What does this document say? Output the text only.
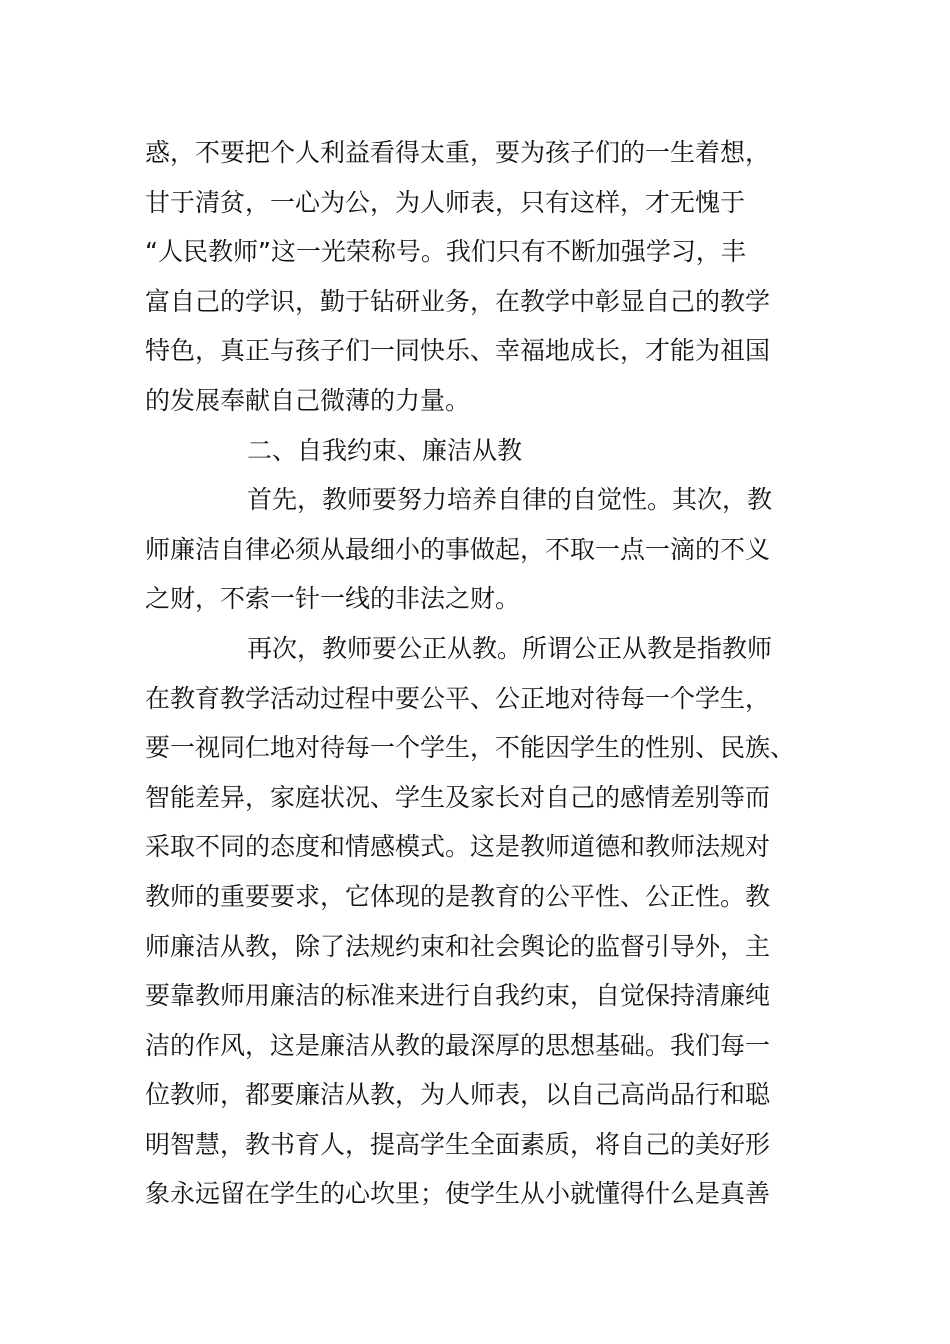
惑，不要把个人利益看得太重，要为孩子们的一生着想，
甘于清贫，一心为公，为人师表，只有这样，才无愧于
“人民教师”这一光荣称号。我们只有不断加强学习，丰
富自己的学识，勤于钻研业务，在教学中彰显自己的教学
特色，真正与孩子们一同快乐、幸福地成长，才能为祖国
的发展奉献自己微薄的力量。
二、自我约束、廉洁从教
首先，教师要努力培养自律的自觉性。其次，教
师廉洁自律必须从最细小的事做起，不取一点一滴的不义
之财，不索一针一线的非法之财。
再次，教师要公正从教。所谓公正从教是指教师
在教育教学活动过程中要公平、公正地对待每一个学生，
要一视同仁地对待每一个学生，不能因学生的性别、民族、
智能差异，家庭状况、学生及家长对自己的感情差别等而
采取不同的态度和情感模式。这是教师道德和教师法规对
教师的重要要求，它体现的是教育的公平性、公正性。教
师廉洁从教，除了法规约束和社会舆论的监督引导外，主
要靠教师用廉洁的标准来进行自我约束，自觉保持清廉纯
洁的作风，这是廉洁从教的最深厚的思想基础。我们每一
位教师，都要廉洁从教，为人师表，以自己高尚品行和聪
明智慧，教书育人，提高学生全面素质，将自己的美好形
象永远留在学生的心坎里；使学生从小就懂得什么是真善
